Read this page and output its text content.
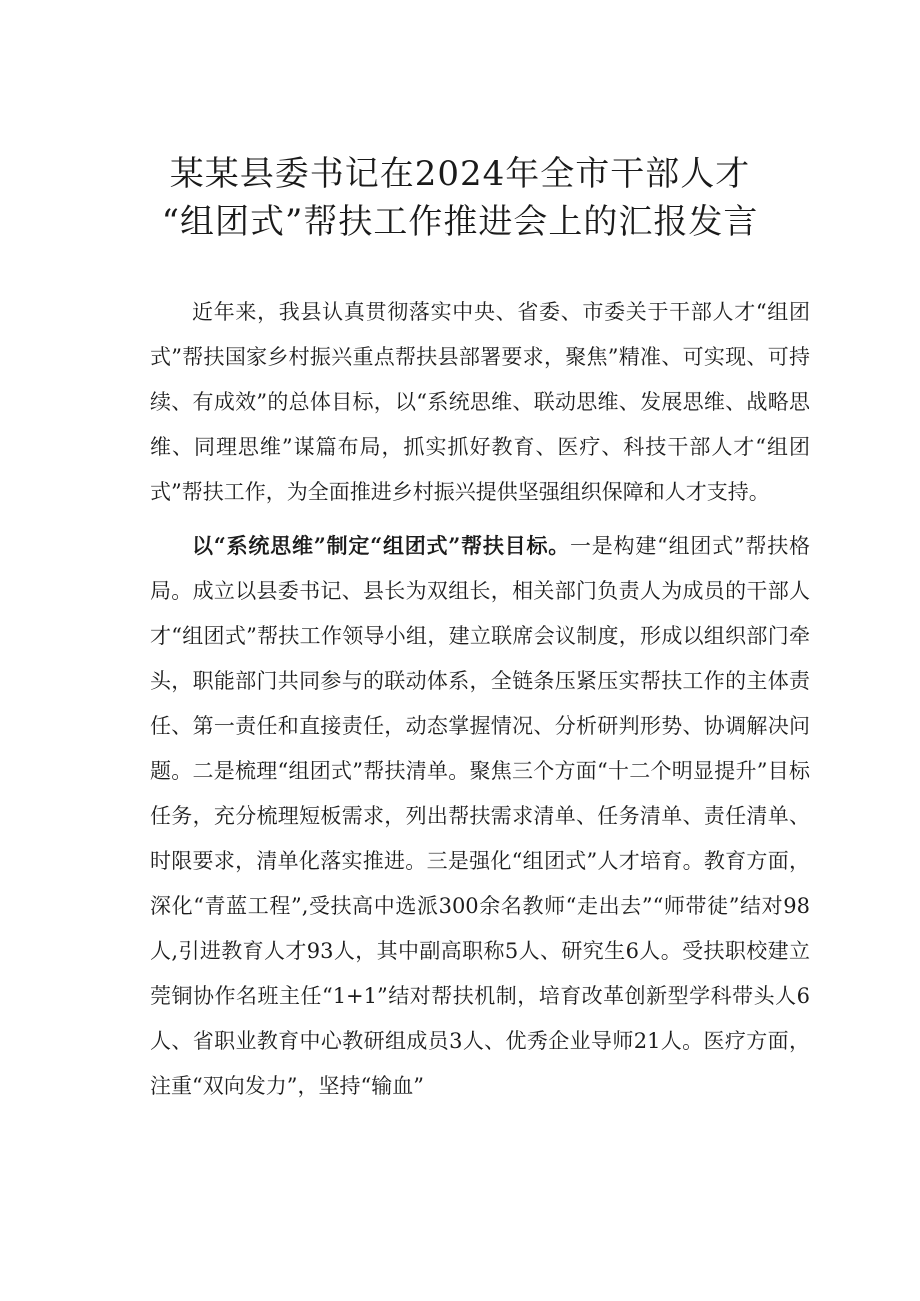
某某县委书记在2024年全市干部人才
“组团式”帮扶工作推进会上的汇报发言

近年来，我县认真贯彻落实中央、省委、市委关于干部人才“组团式”帮扶国家乡村振兴重点帮扶县部署要求，聚焦”精准、可实现、可持续、有成效”的总体目标，以“系统思维、联动思维、发展思维、战略思维、同理思维”谋篇布局，抓实抓好教育、医疗、科技干部人才“组团式”帮扶工作，为全面推进乡村振兴提供坚强组织保障和人才支持。

以“系统思维”制定“组团式”帮扶目标。一是构建“组团式”帮扶格局。成立以县委书记、县长为双组长，相关部门负责人为成员的干部人才“组团式”帮扶工作领导小组，建立联席会议制度，形成以组织部门牵头，职能部门共同参与的联动体系，全链条压紧压实帮扶工作的主体责任、第一责任和直接责任，动态掌握情况、分析研判形势、协调解决问题。二是梳理“组团式”帮扶清单。聚焦三个方面“十二个明显提升”目标任务，充分梳理短板需求，列出帮扶需求清单、任务清单、责任清单、时限要求，清单化落实推进。三是强化“组团式”人才培育。教育方面，深化“青蓝工程”,受扶高中选派300余名教师“走出去”“师带徒”结对98人,引进教育人才93人，其中副高职称5人、研究生6人。受扶职校建立莞铜协作名班主任“1+1”结对帮扶机制，培育改革创新型学科带头人6人、省职业教育中心教研组成员3人、优秀企业导师21人。医疗方面，注重“双向发力”，坚持“输血”
